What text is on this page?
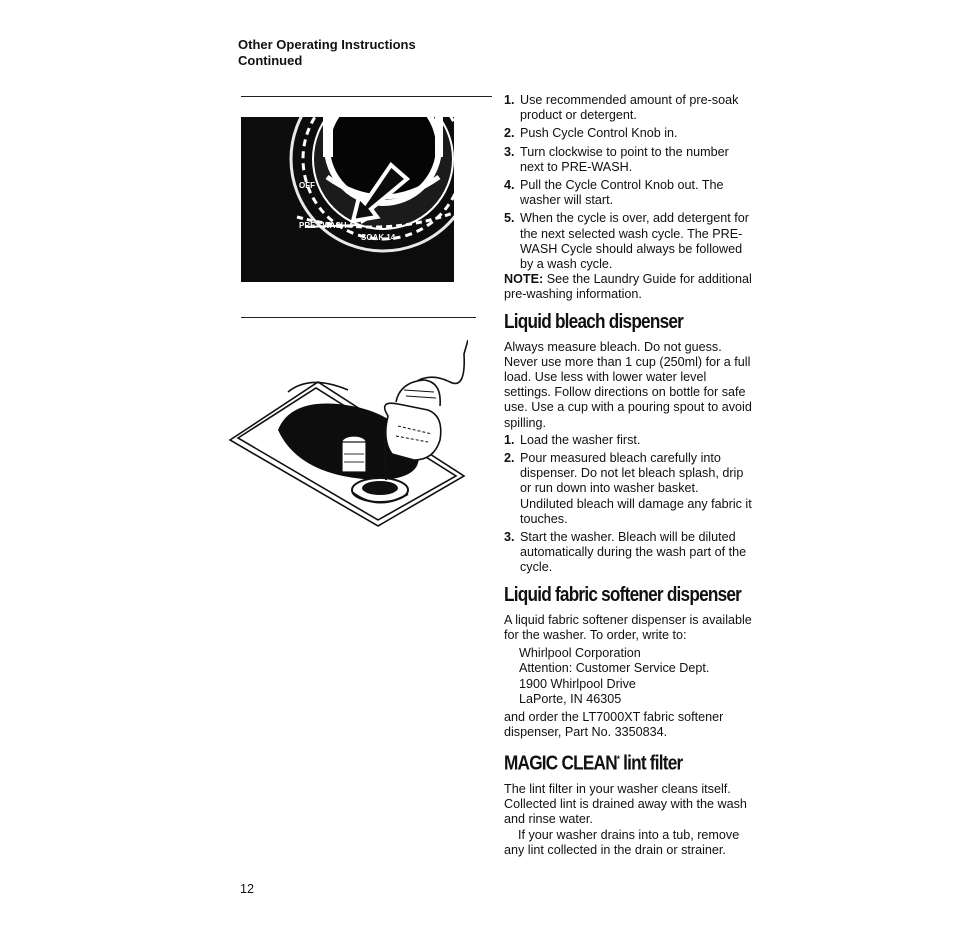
Other Operating Instructions
Continued
OFF
PRE - WASH 4
SOAK 14
1. Use recommended amount of pre-soak product or detergent.
2. Push Cycle Control Knob in.
3. Turn clockwise to point to the number next to PRE-WASH.
4. Pull the Cycle Control Knob out. The washer will start.
5. When the cycle is over, add detergent for the next selected wash cycle. The PRE-WASH Cycle should always be followed by a wash cycle.

NOTE: See the Laundry Guide for additional pre-washing information.

Liquid bleach dispenser

Always measure bleach. Do not guess. Never use more than 1 cup (250ml) for a full load. Use less with lower water level settings. Follow directions on bottle for safe use. Use a cup with a pouring spout to avoid spilling.

1. Load the washer first.
2. Pour measured bleach carefully into dispenser. Do not let bleach splash, drip or run down into washer basket. Undiluted bleach will damage any fabric it touches.
3. Start the washer. Bleach will be diluted automatically during the wash part of the cycle.
Liquid fabric softener dispenser

A liquid fabric softener dispenser is available for the washer. To order, write to:

Whirlpool Corporation
Attention: Customer Service Dept.
1900 Whirlpool Drive
LaPorte, IN 46305

and order the LT7000XT fabric softener dispenser, Part No. 3350834.

MAGIC CLEAN* lint filter

The lint filter in your washer cleans itself. Collected lint is drained away with the wash and rinse water.

If your washer drains into a tub, remove any lint collected in the drain or strainer.

12
